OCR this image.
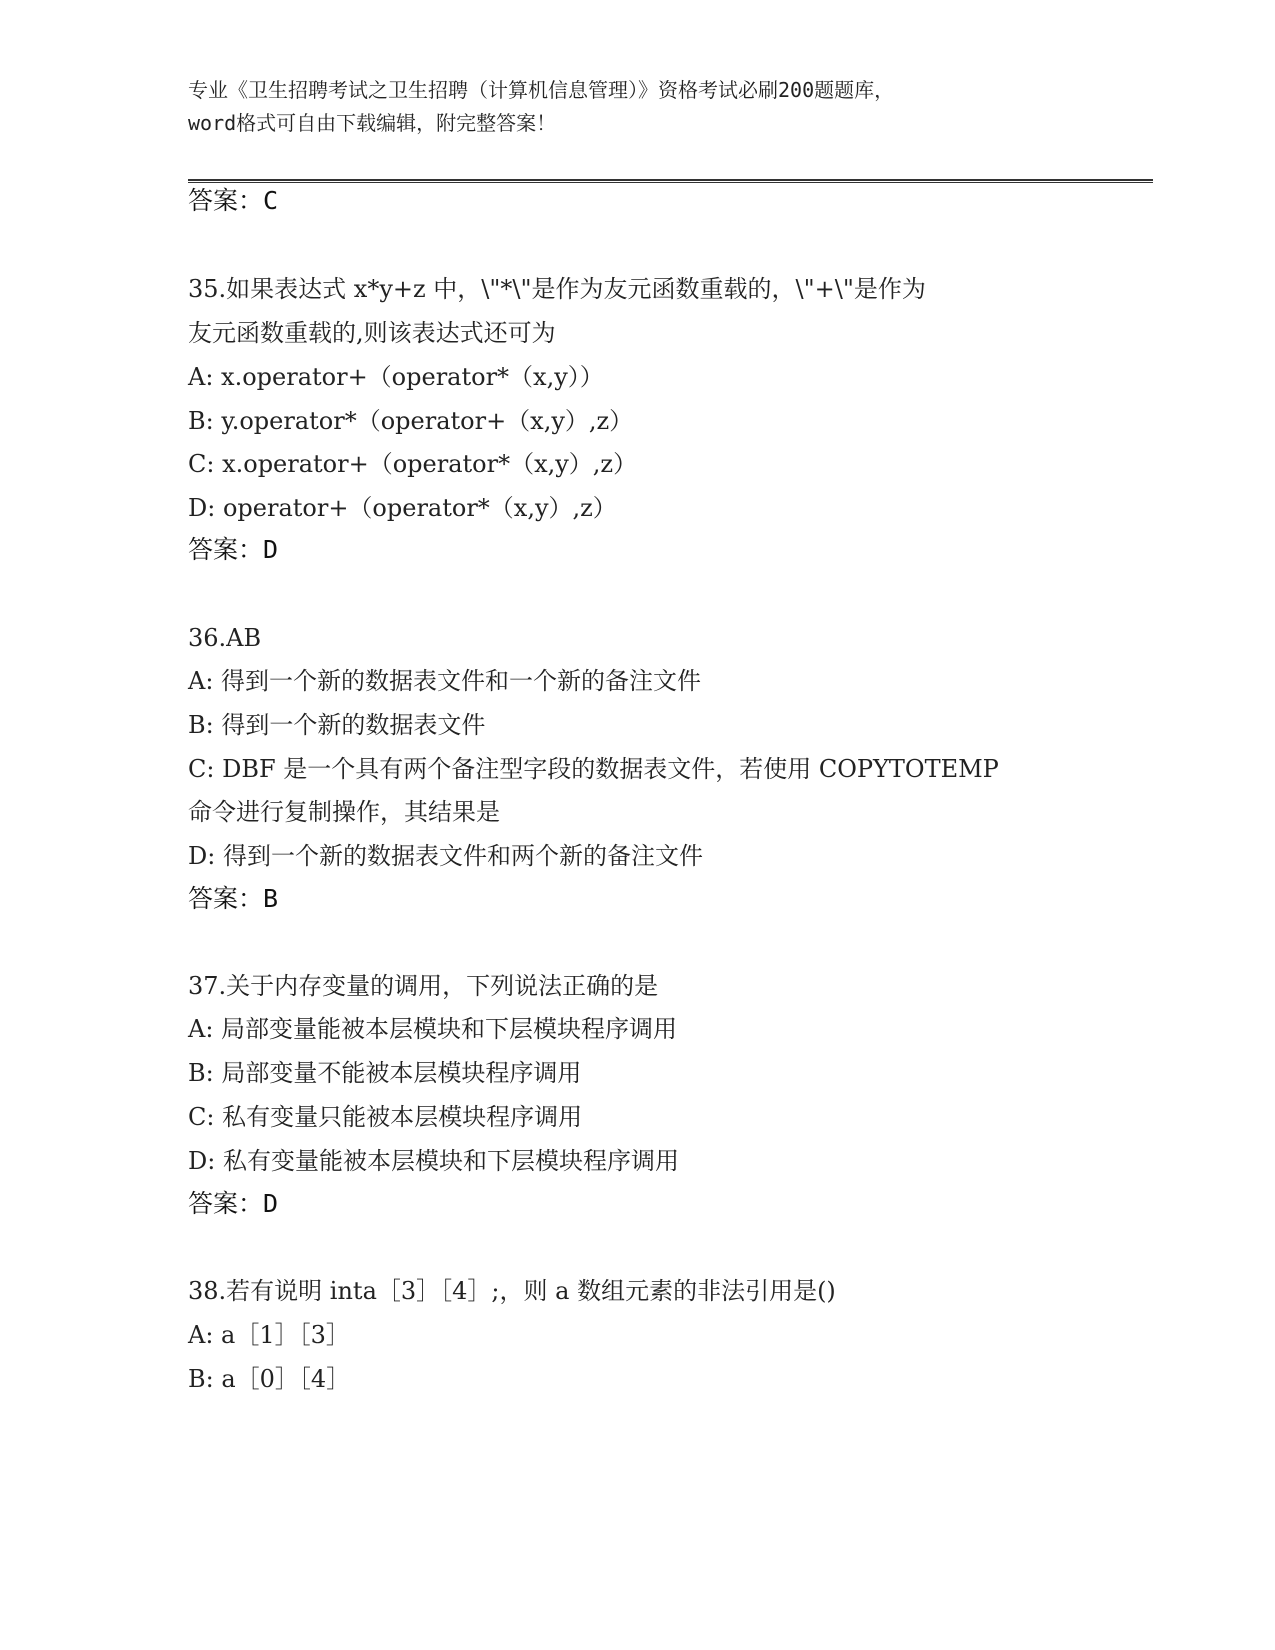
专业《卫生招聘考试之卫生招聘（计算机信息管理）》资格考试必刷200题题库，
word格式可自由下载编辑，附完整答案！
答案：C
35.如果表达式 x*y+z 中，\"*\"是作为友元函数重载的，\"+\"是作为
友元函数重载的,则该表达式还可为
A: x.operator+（operator*（x,y））
B: y.operator*（operator+（x,y）,z）
C: x.operator+（operator*（x,y）,z）
D: operator+（operator*（x,y）,z）
答案：D
36.AB
A: 得到一个新的数据表文件和一个新的备注文件
B: 得到一个新的数据表文件
C: DBF 是一个具有两个备注型字段的数据表文件，若使用 COPYTOTEMP
命令进行复制操作，其结果是
D: 得到一个新的数据表文件和两个新的备注文件
答案：B
37.关于内存变量的调用，下列说法正确的是
A: 局部变量能被本层模块和下层模块程序调用
B: 局部变量不能被本层模块程序调用
C: 私有变量只能被本层模块程序调用
D: 私有变量能被本层模块和下层模块程序调用
答案：D
38.若有说明 inta［3］［4］;，则 a 数组元素的非法引用是()
A: a［1］［3］
B: a［0］［4］
